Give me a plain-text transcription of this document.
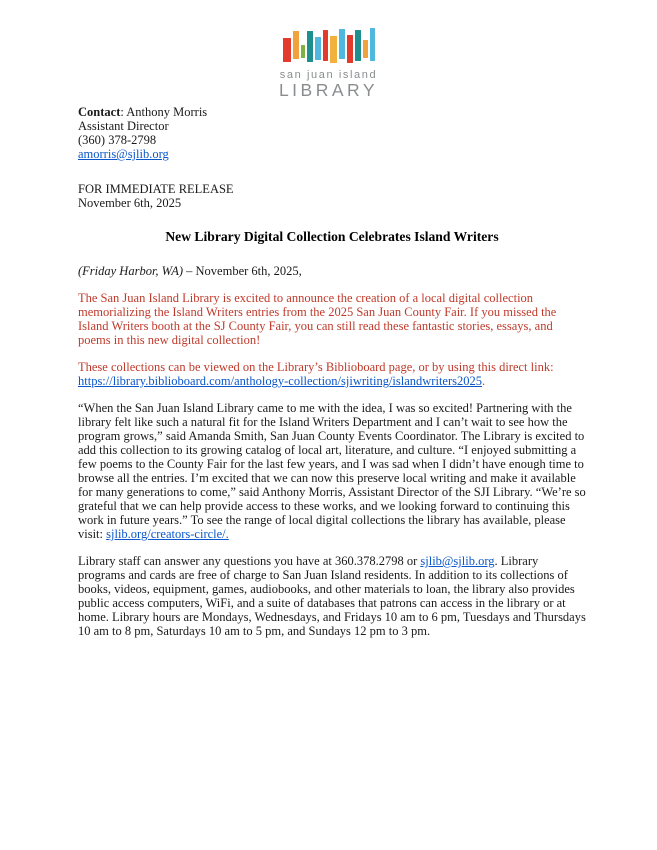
san juan island
LIBRARY
Contact: Anthony Morris
Assistant Director
(360) 378-2798
amorris@sjlib.org
FOR IMMEDIATE RELEASE
November 6th, 2025
New Library Digital Collection Celebrates Island Writers

(Friday Harbor, WA) – November 6th, 2025,

The San Juan Island Library is excited to announce the creation of a local digital collection memorializing the Island Writers entries from the 2025 San Juan County Fair. If you missed the Island Writers booth at the SJ County Fair, you can still read these fantastic stories, essays, and poems in this new digital collection!

These collections can be viewed on the Library’s Biblioboard page, or by using this direct link: https://library.biblioboard.com/anthology-collection/sjiwriting/islandwriters2025.

“When the San Juan Island Library came to me with the idea, I was so excited! Partnering with the library felt like such a natural fit for the Island Writers Department and I can’t wait to see how the program grows,” said Amanda Smith, San Juan County Events Coordinator. The Library is excited to add this collection to its growing catalog of local art, literature, and culture. “I enjoyed submitting a few poems to the County Fair for the last few years, and I was sad when I didn’t have enough time to browse all the entries. I’m excited that we can now this preserve local writing and make it available for many generations to come,” said Anthony Morris, Assistant Director of the SJI Library. “We’re so grateful that we can help provide access to these works, and we looking forward to continuing this work in future years.” To see the range of local digital collections the library has available, please visit: sjlib.org/creators-circle/.

Library staff can answer any questions you have at 360.378.2798 or sjlib@sjlib.org. Library programs and cards are free of charge to San Juan Island residents. In addition to its collections of books, videos, equipment, games, audiobooks, and other materials to loan, the library also provides public access computers, WiFi, and a suite of databases that patrons can access in the library or at home. Library hours are Mondays, Wednesdays, and Fridays 10 am to 6 pm, Tuesdays and Thursdays 10 am to 8 pm, Saturdays 10 am to 5 pm, and Sundays 12 pm to 3 pm.
